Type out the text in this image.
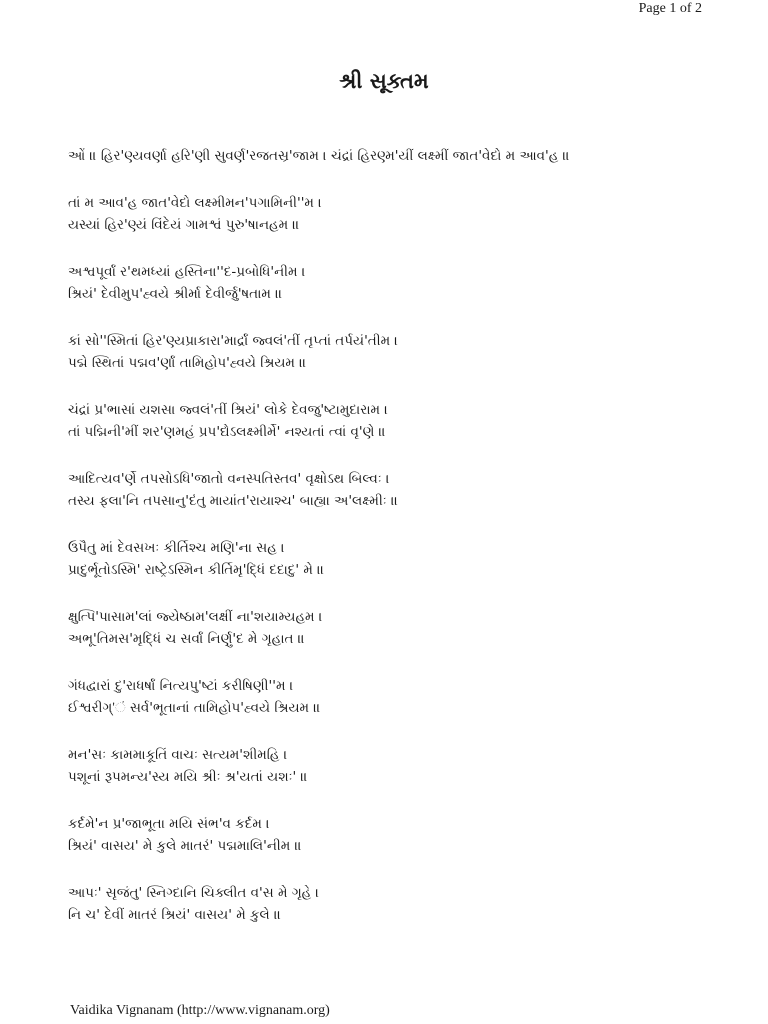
Page 1 of 2
શ્રી સૂક્તમ
ઓં ॥ હિર'ણ્યવર્ણા હરિ'ણી સુવર્ણ'રજતસ્ર'જામ । ચંદ્રાં હિરણ્મ'યીં લક્ષ્મીં જાત'વેદો મ આવ'હ ॥
તાં મ આવ'હ જાત'વેદો લક્ષ્મીમન'પગામિની''મ ।
યસ્યાં હિર'ણ્યં વિંદેયં ગામશ્વં પુરુ'ષાનહમ ॥
અશ્વપૂર્વાં ર'થમધ્યાં હસ્તિના''દ-પ્રબોધિ'નીમ ।
શ્રિયં' દેવીમુપ'હ્વયે શ્રીર્મા દેવીર્જુ'ષતામ ॥
કાં સો''સ્મિતાં હિર'ણ્યપ્રાકારા'માર્દ્રાં જ્વલં'તીં તૃપ્તાં તર્પયં'તીમ ।
પદ્મે સ્થિતાં પદ્મવ'ર્ણાં તામિહોપ'હ્વયે શ્રિયમ ॥
ચંદ્રાં પ્ર'ભાસાં યશસા જ્વલં'તીં શ્રિયં' લોકે દેવજુ'ષ્ટામુદારામ ।
તાં પદ્મિની'મીં શર'ણમહં પ્રપ'દ્યેઽલક્ષ્મીર્મે' નશ્યતાં ત્વાં વૃ'ણે ॥
આદિત્યવ'ર્ણે તપસોઽધિ'જાતો વનસ્પતિસ્તવ' વૃક્ષોઽથ બિલ્વઃ ।
તસ્ય ફલા'નિ તપસાનુ'દંતુ માયાંત'રાયાશ્ચ' બાહ્યા અ'લક્ષ્મીઃ ॥
ઉપૈતુ માં દેવસખઃ કીર્તિશ્ચ મણિ'ના સહ ।
પ્રાદુર્ભૂતોઽસ્મિ' રાષ્ટ્રેઽસ્મિન કીર્તિમૃ'દ્ધિં દદાદુ' મે ॥
ક્ષુત્પિ'પાસામ'લાં જ્યેષ્ઠામ'લક્ષીં ના'શયામ્યહમ ।
અભૂ'તિમસ'મૃદ્ધિં ચ સર્વાં નિર્ણુ'દ મે ગૃહાત ॥
ગંધદ્વારાં દુ'રાધર્ષાં નિત્યપુ'ષ્ટાં કરીષિણી''મ ।
ઈશ્વરીગ્'ં સર્વ'ભૂતાનાં તામિહોપ'હ્વયે શ્રિયમ ॥
મન'સઃ કામમાકૂતિં વાચઃ સત્યમ'શીમહિ ।
પશૂનાં રૂપમન્ય'સ્ય મયિ શ્રીઃ શ્ર'યતાં યશઃ' ॥
કર્દમે'ન પ્ર'જાભૂતા મયિ સંભ'વ કર્દમ ।
શ્રિયં' વાસય' મે કુલે માતરં' પદ્મમાલિ'નીમ ॥
આપઃ' સૃજંતુ' સ્નિગ્દાનિ ચિક્લીત વ'સ મે ગૃહે ।
નિ ચ' દેવીં માતરં શ્રિયં' વાસય' મે કુલે ॥
Vaidika Vignanam (http://www.vignanam.org)
